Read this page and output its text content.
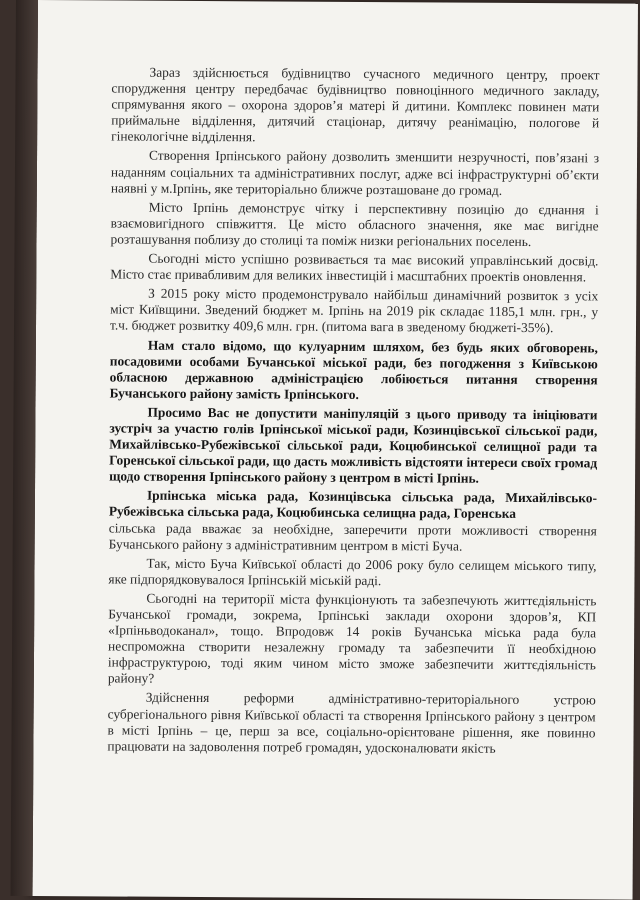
Зараз здійснюється будівництво сучасного медичного центру, проект спорудження центру передбачає будівництво повноцінного медичного закладу, спрямування якого – охорона здоров’я матері й дитини. Комплекс повинен мати приймальне відділення, дитячий стаціонар, дитячу реанімацію, пологове й гінекологічне відділення.

Створення Ірпінського району дозволить зменшити незручності, пов’язані з наданням соціальних та адміністративних послуг, адже всі інфраструктурні об’єкти наявні у м.Ірпінь, яке територіально ближче розташоване до громад.

Місто Ірпінь демонструє чітку і перспективну позицію до єднання і взаємовигідного співжиття. Це місто обласного значення, яке має вигідне розташування поблизу до столиці та поміж низки регіональних поселень.

Сьогодні місто успішно розвивається та має високий управлінський досвід. Місто стає привабливим для великих інвестицій і масштабних проектів оновлення.

З 2015 року місто продемонструвало найбільш динамічний розвиток з усіх міст Київщини. Зведений бюджет м. Ірпінь на 2019 рік складає 1185,1 млн. грн., у т.ч. бюджет розвитку 409,6 млн. грн. (питома вага в зведеному бюджеті-35%).

Нам стало відомо, що кулуарним шляхом, без будь яких обговорень, посадовими особами Бучанської міської ради, без погодження з Київською обласною державною адміністрацією лобіюється питання створення Бучанського району замість Ірпінського.

Просимо Вас не допустити маніпуляцій з цього приводу та ініціювати зустріч за участю голів Ірпінської міської ради, Козинцівської сільської ради, Михайлівсько-Рубежівської сільської ради, Коцюбинської селищної ради та Гоpенської сільської ради, що дасть можливість відстояти інтереси своїх громад щодо створення Ірпінського району з центром в місті Ірпінь.

Ірпінська міська рада, Козинцівська сільська рада, Михайлівсько-Рубежівська сільська рада, Коцюбинська селищна рада, Гоpенська

сільська рада вважає за необхідне, заперечити проти можливості створення Бучанського району з адміністративним центром в місті Буча.

Так, місто Буча Київської області до 2006 року було селищем міського типу, яке підпорядковувалося Ірпінській міській раді.

Сьогодні на території міста функціонують та забезпечують життєдіяльність Бучанської громади, зокрема, Ірпінські заклади охорони здоров’я, КП «Ірпіньводоканал», тощо. Впродовж 14 років Бучанська міська рада була неспроможна створити незалежну громаду та забезпечити її необхідною інфраструктурою, тоді яким чином місто зможе забезпечити життєдіяльність району?

Здійснення реформи адміністративно-територіального устрою субрегіонального рівня Київської області та створення Ірпінського району з центром в місті Ірпінь – це, перш за все, соціально-орієнтоване рішення, яке повинно працювати на задоволення потреб громадян, удосконалювати якість
